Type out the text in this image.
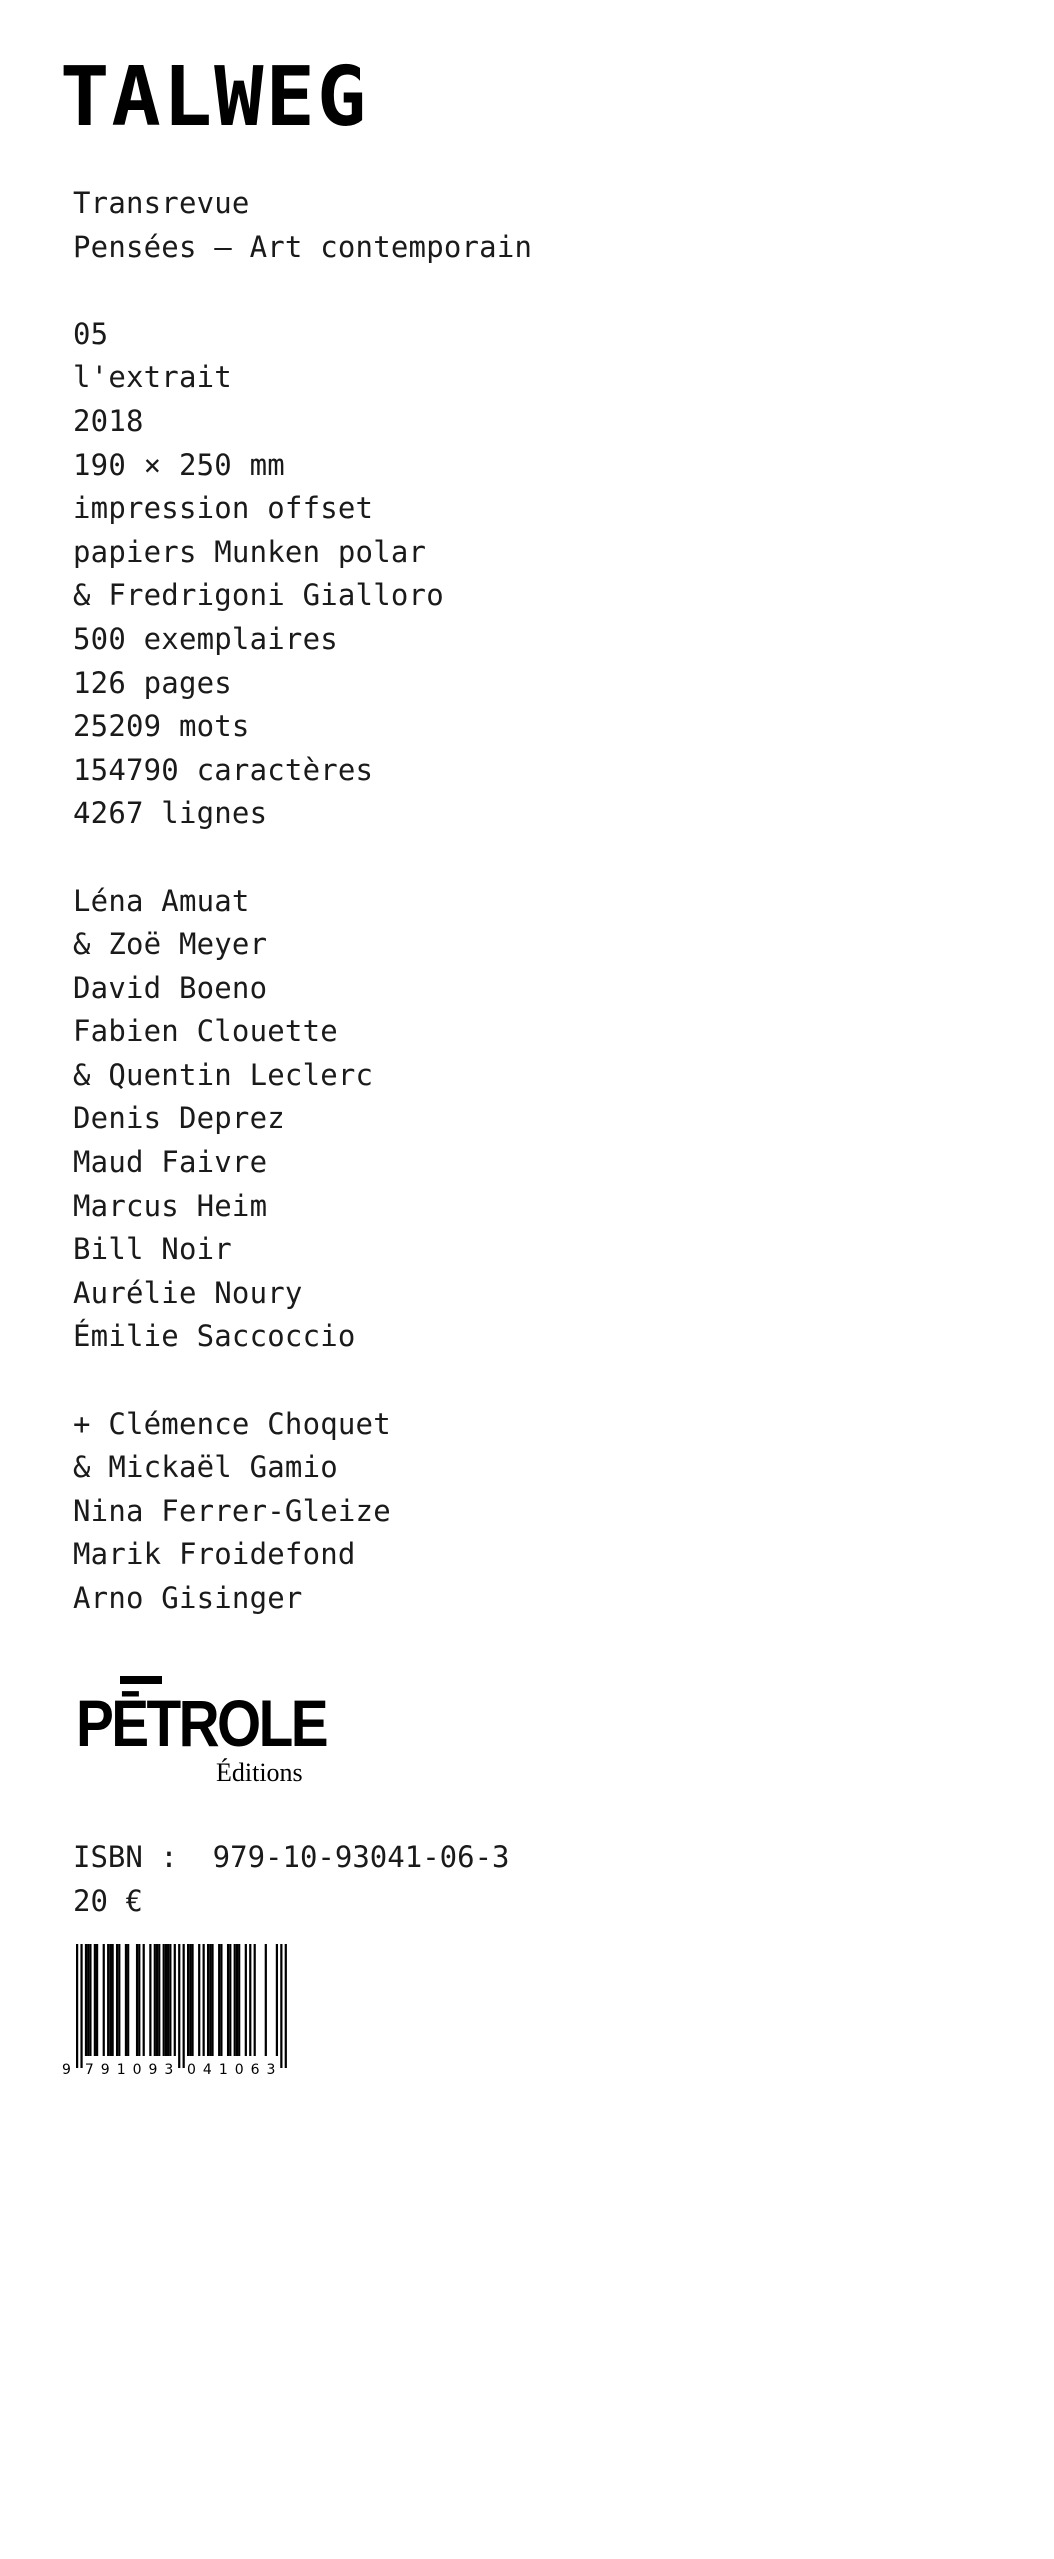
TALWEG
Transrevue
Pensées — Art contemporain
05
l'extrait
2018
190 × 250 mm
impression offset
papiers Munken polar
& Fredrigoni Gialloro
500 exemplaires
126 pages
25209 mots
154790 caractères
4267 lignes
Léna Amuat
& Zoë Meyer
David Boeno
Fabien Clouette
& Quentin Leclerc
Denis Deprez
Maud Faivre
Marcus Heim
Bill Noir
Aurélie Noury
Émilie Saccoccio
+ Clémence Choquet
& Mickaël Gamio
Nina Ferrer-Gleize
Marik Froidefond
Arno Gisinger
PĒTROLE
Éditions
ISBN :  979-10-93041-06-3
20 €
9 791093 041063
